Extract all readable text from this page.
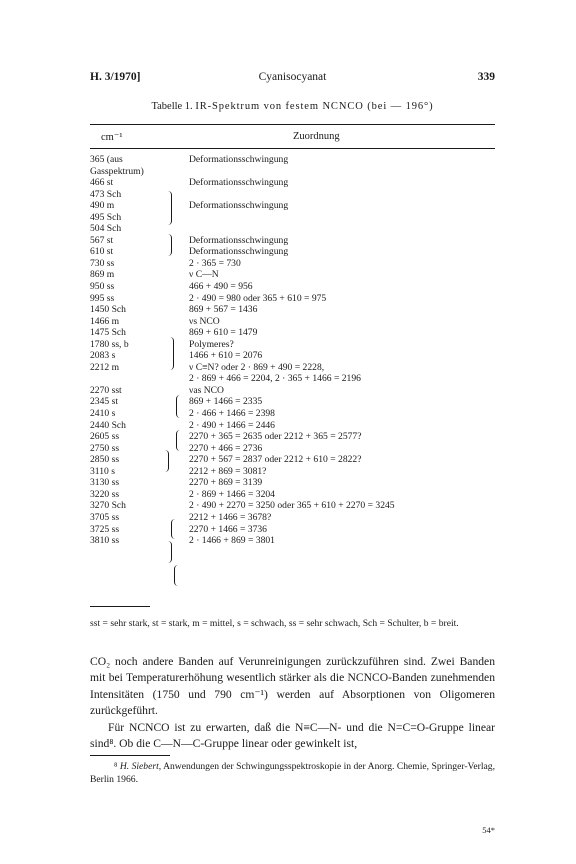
Cyanisocyanat
H. 3/1970]	339
Tabelle 1. IR-Spektrum von festem NCNCO (bei — 196°)
cm⁻¹	Zuordnung
365 (aus	Deformationsschwingung
Gasspektrum)
466 st	Deformationsschwingung
473 Sch
490 m	Deformationsschwingung
495 Sch
504 Sch
567 st	Deformationsschwingung
610 st	Deformationsschwingung
730 ss	2 · 365 = 730
869 m	ν C—N
950 ss	466 + 490 = 956
995 ss	2 · 490 = 980 oder 365 + 610 = 975
1450 Sch	869 + 567 = 1436
1466 m	νs NCO
1475 Sch	869 + 610 = 1479
1780 ss, b	Polymeres?
2083 s	1466 + 610 = 2076
2212 m	ν C≡N? oder 2 · 869 + 490 = 2228,
2 · 869 + 466 = 2204, 2 · 365 + 1466 = 2196
2270 sst	νas NCO
2345 st	869 + 1466 = 2335
2410 s	2 · 466 + 1466 = 2398
2440 Sch	2 · 490 + 1466 = 2446
2605 ss	2270 + 365 = 2635 oder 2212 + 365 = 2577?
2750 ss	2270 + 466 = 2736
2850 ss	2270 + 567 = 2837 oder 2212 + 610 = 2822?
3110 s	2212 + 869 = 3081?
3130 ss	2270 + 869 = 3139
3220 ss	2 · 869 + 1466 = 3204
3270 Sch	2 · 490 + 2270 = 3250 oder 365 + 610 + 2270 = 3245
3705 ss	2212 + 1466 = 3678?
3725 ss	2270 + 1466 = 3736
3810 ss	2 · 1466 + 869 = 3801
sst = sehr stark, st = stark, m = mittel, s = schwach, ss = sehr schwach, Sch = Schulter, b = breit.

CO₂ noch andere Banden auf Verunreinigungen zurückzuführen sind. Zwei Banden mit bei Temperaturerhöhung wesentlich stärker als die NCNCO-Banden zunehmenden Intensitäten (1750 und 790 cm⁻¹) werden auf Absorptionen von Oligomeren zurückgeführt.

Für NCNCO ist zu erwarten, daß die N≡C—N- und die N=C=O-Gruppe linear sind⁸. Ob die C—N—C-Gruppe linear oder gewinkelt ist,

⁸ H. Siebert, Anwendungen der Schwingungsspektroskopie in der Anorg. Chemie, Springer-Verlag, Berlin 1966.
54*
